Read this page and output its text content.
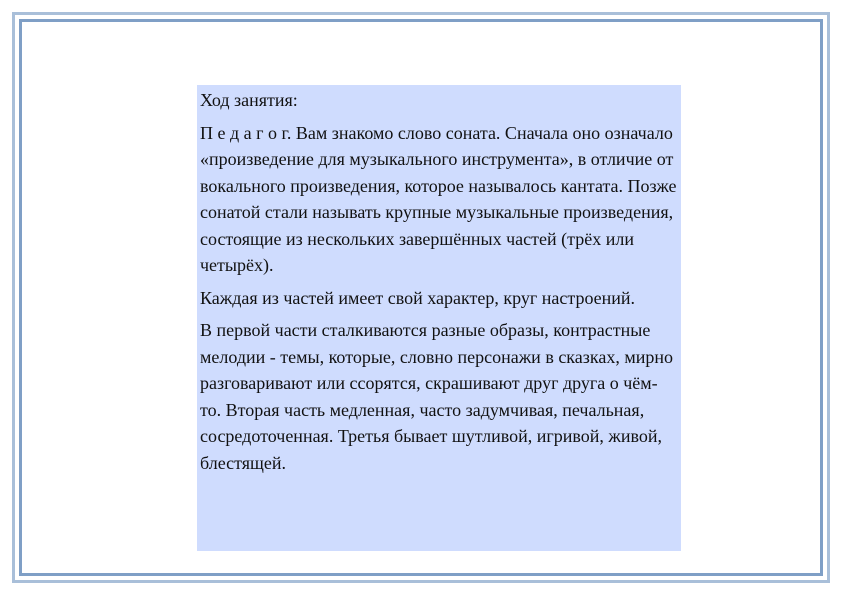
Ход занятия:

П е д а г о г. Вам знакомо слово соната. Сначала оно означало «произведение для музыкального инструмента», в отличие от вокального произведения, которое называлось кантата. Позже сонатой стали называть крупные музыкальные произведения, состоящие из нескольких завершённых частей (трёх или четырёх).

Каждая из частей имеет свой характер, круг настроений.

В первой части сталкиваются разные образы, контрастные мелодии - темы, которые, словно персонажи в сказках, мирно разговаривают или ссорятся, скрашивают друг друга о чём-то. Вторая часть медленная, часто задумчивая, печальная, сосредоточенная. Третья бывает шутливой, игривой, живой, блестящей.
